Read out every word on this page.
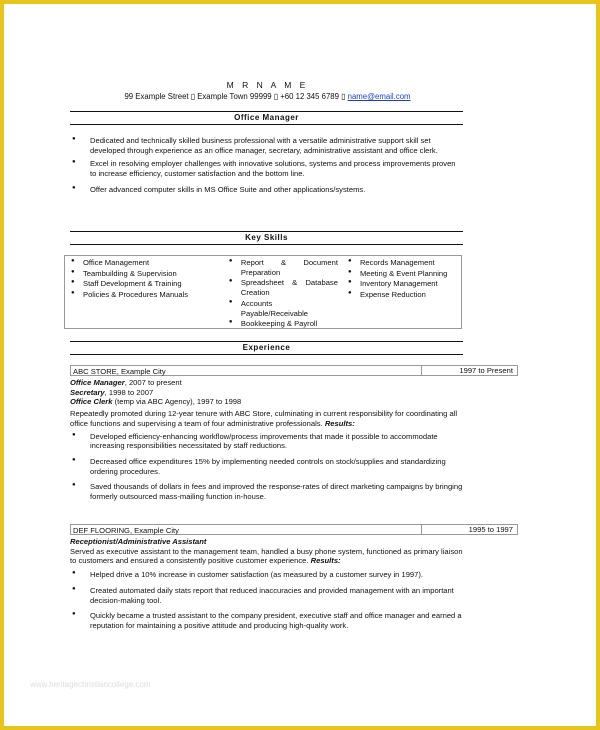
M R N A M E
99 Example Street ▯ Example Town 99999 ▯ +60 12 345 6789 ▯ name@email.com
Office Manager
● Dedicated and technically skilled business professional with a versatile administrative support skill set developed through experience as an office manager, secretary, administrative assistant and office clerk.
● Excel in resolving employer challenges with innovative solutions, systems and process improvements proven
to increase efficiency, customer satisfaction and the bottom line.
● Offer advanced computer skills in MS Office Suite and other applications/systems.
Key Skills
● Office Management
● Teambuilding & Supervision
● Staff Development & Training
● Policies & Procedures Manuals
● Report & Document Preparation
● Spreadsheet & Database Creation
● Accounts Payable/Receivable
● Bookkeeping & Payroll
● Records Management
● Meeting & Event Planning
● Inventory Management
● Expense Reduction
Experience
ABC STORE, Example City	1997 to Present
Office Manager, 2007 to present
Secretary, 1998 to 2007
Office Clerk (temp via ABC Agency), 1997 to 1998
Repeatedly promoted during 12-year tenure with ABC Store, culminating in current responsibility for coordinating all office functions and supervising a team of four administrative professionals. Results:
● Developed efficiency-enhancing workflow/process improvements that made it possible to accommodate increasing responsibilities necessitated by staff reductions.
● Decreased office expenditures 15% by implementing needed controls on stock/supplies and standardizing ordering procedures.
● Saved thousands of dollars in fees and improved the response-rates of direct marketing campaigns by bringing formerly outsourced mass-mailing function in-house.
DEF FLOORING, Example City	1995 to 1997
Receptionist/Administrative Assistant
Served as executive assistant to the management team, handled a busy phone system, functioned as primary liaison to customers and ensured a consistently positive customer experience. Results:
● Helped drive a 10% increase in customer satisfaction (as measured by a customer survey in 1997).
● Created automated daily stats report that reduced inaccuracies and provided management with an important decision-making tool.
● Quickly became a trusted assistant to the company president, executive staff and office manager and earned a reputation for maintaining a positive attitude and producing high-quality work.
www.heritagechristiancollege.com
